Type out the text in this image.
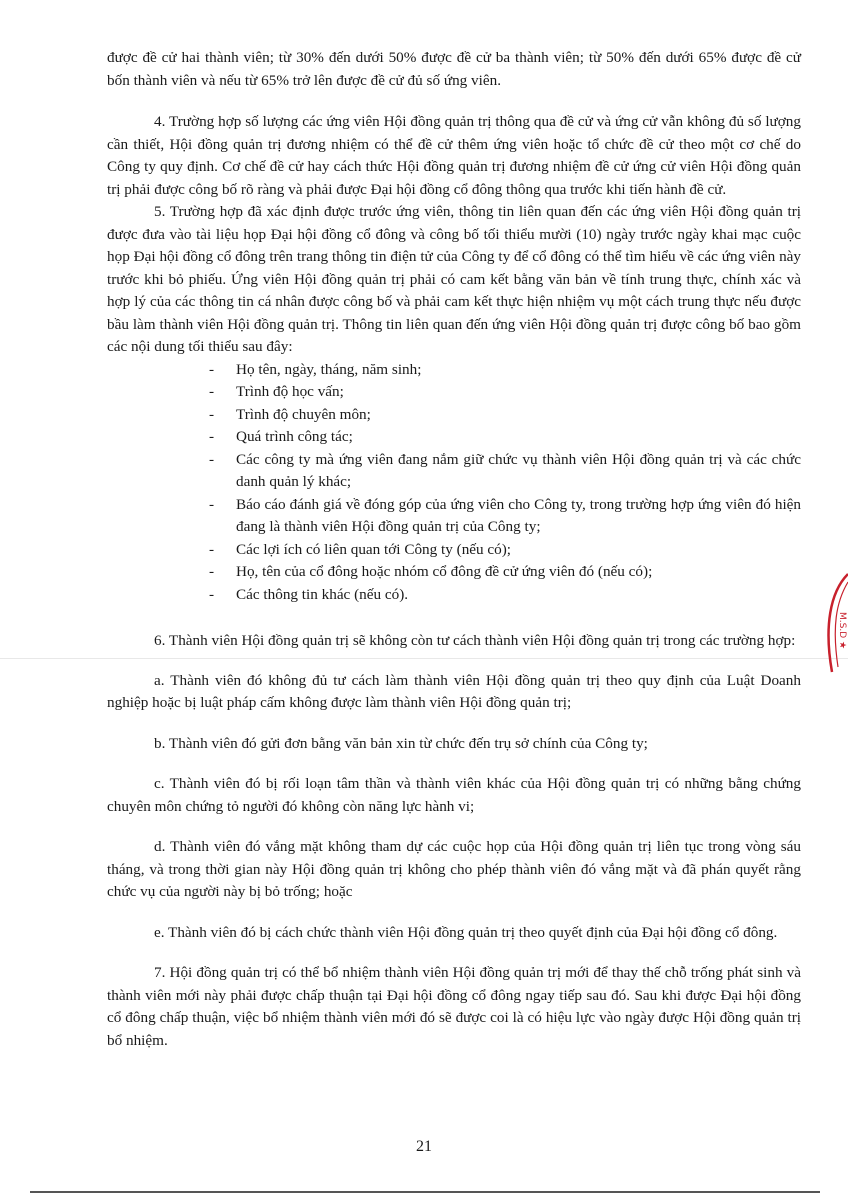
được đề cử hai thành viên; từ 30% đến dưới 50% được đề cử ba thành viên; từ 50% đến dưới 65% được đề cử bốn thành viên và nếu từ 65% trở lên được đề cử đủ số ứng viên.

4. Trường hợp số lượng các ứng viên Hội đồng quản trị thông qua đề cử và ứng cử vẫn không đủ số lượng cần thiết, Hội đồng quản trị đương nhiệm có thể đề cử thêm ứng viên hoặc tổ chức đề cử theo một cơ chế do Công ty quy định. Cơ chế đề cử hay cách thức Hội đồng quản trị đương nhiệm đề cử ứng cử viên Hội đồng quản trị phải được công bố rõ ràng và phải được Đại hội đồng cổ đông thông qua trước khi tiến hành đề cử.

5. Trường hợp đã xác định được trước ứng viên, thông tin liên quan đến các ứng viên Hội đồng quản trị được đưa vào tài liệu họp Đại hội đồng cổ đông và công bố tối thiểu mười (10) ngày trước ngày khai mạc cuộc họp Đại hội đồng cổ đông trên trang thông tin điện tử của Công ty để cổ đông có thể tìm hiểu về các ứng viên này trước khi bỏ phiếu. Ứng viên Hội đồng quản trị phải có cam kết bằng văn bản về tính trung thực, chính xác và hợp lý của các thông tin cá nhân được công bố và phải cam kết thực hiện nhiệm vụ một cách trung thực nếu được bầu làm thành viên Hội đồng quản trị. Thông tin liên quan đến ứng viên Hội đồng quản trị được công bố bao gồm các nội dung tối thiểu sau đây:

- Họ tên, ngày, tháng, năm sinh;
- Trình độ học vấn;
- Trình độ chuyên môn;
- Quá trình công tác;
- Các công ty mà ứng viên đang nắm giữ chức vụ thành viên Hội đồng quản trị và các chức danh quản lý khác;
- Báo cáo đánh giá về đóng góp của ứng viên cho Công ty, trong trường hợp ứng viên đó hiện đang là thành viên Hội đồng quản trị của Công ty;
- Các lợi ích có liên quan tới Công ty (nếu có);
- Họ, tên của cổ đông hoặc nhóm cổ đông đề cử ứng viên đó (nếu có);
- Các thông tin khác (nếu có).

6. Thành viên Hội đồng quản trị sẽ không còn tư cách thành viên Hội đồng quản trị trong các trường hợp:

a. Thành viên đó không đủ tư cách làm thành viên Hội đồng quản trị theo quy định của Luật Doanh nghiệp hoặc bị luật pháp cấm không được làm thành viên Hội đồng quản trị;

b. Thành viên đó gửi đơn bằng văn bản xin từ chức đến trụ sở chính của Công ty;

c. Thành viên đó bị rối loạn tâm thần và thành viên khác của Hội đồng quản trị có những bằng chứng chuyên môn chứng tỏ người đó không còn năng lực hành vi;

d. Thành viên đó vắng mặt không tham dự các cuộc họp của Hội đồng quản trị liên tục trong vòng sáu tháng, và trong thời gian này Hội đồng quản trị không cho phép thành viên đó vắng mặt và đã phán quyết rằng chức vụ của người này bị bỏ trống; hoặc

e. Thành viên đó bị cách chức thành viên Hội đồng quản trị theo quyết định của Đại hội đồng cổ đông.

7. Hội đồng quản trị có thể bổ nhiệm thành viên Hội đồng quản trị mới để thay thế chỗ trống phát sinh và thành viên mới này phải được chấp thuận tại Đại hội đồng cổ đông ngay tiếp sau đó. Sau khi được Đại hội đồng cổ đông chấp thuận, việc bổ nhiệm thành viên mới đó sẽ được coi là có hiệu lực vào ngày được Hội đồng quản trị bổ nhiệm.

21
M.S.D ★
